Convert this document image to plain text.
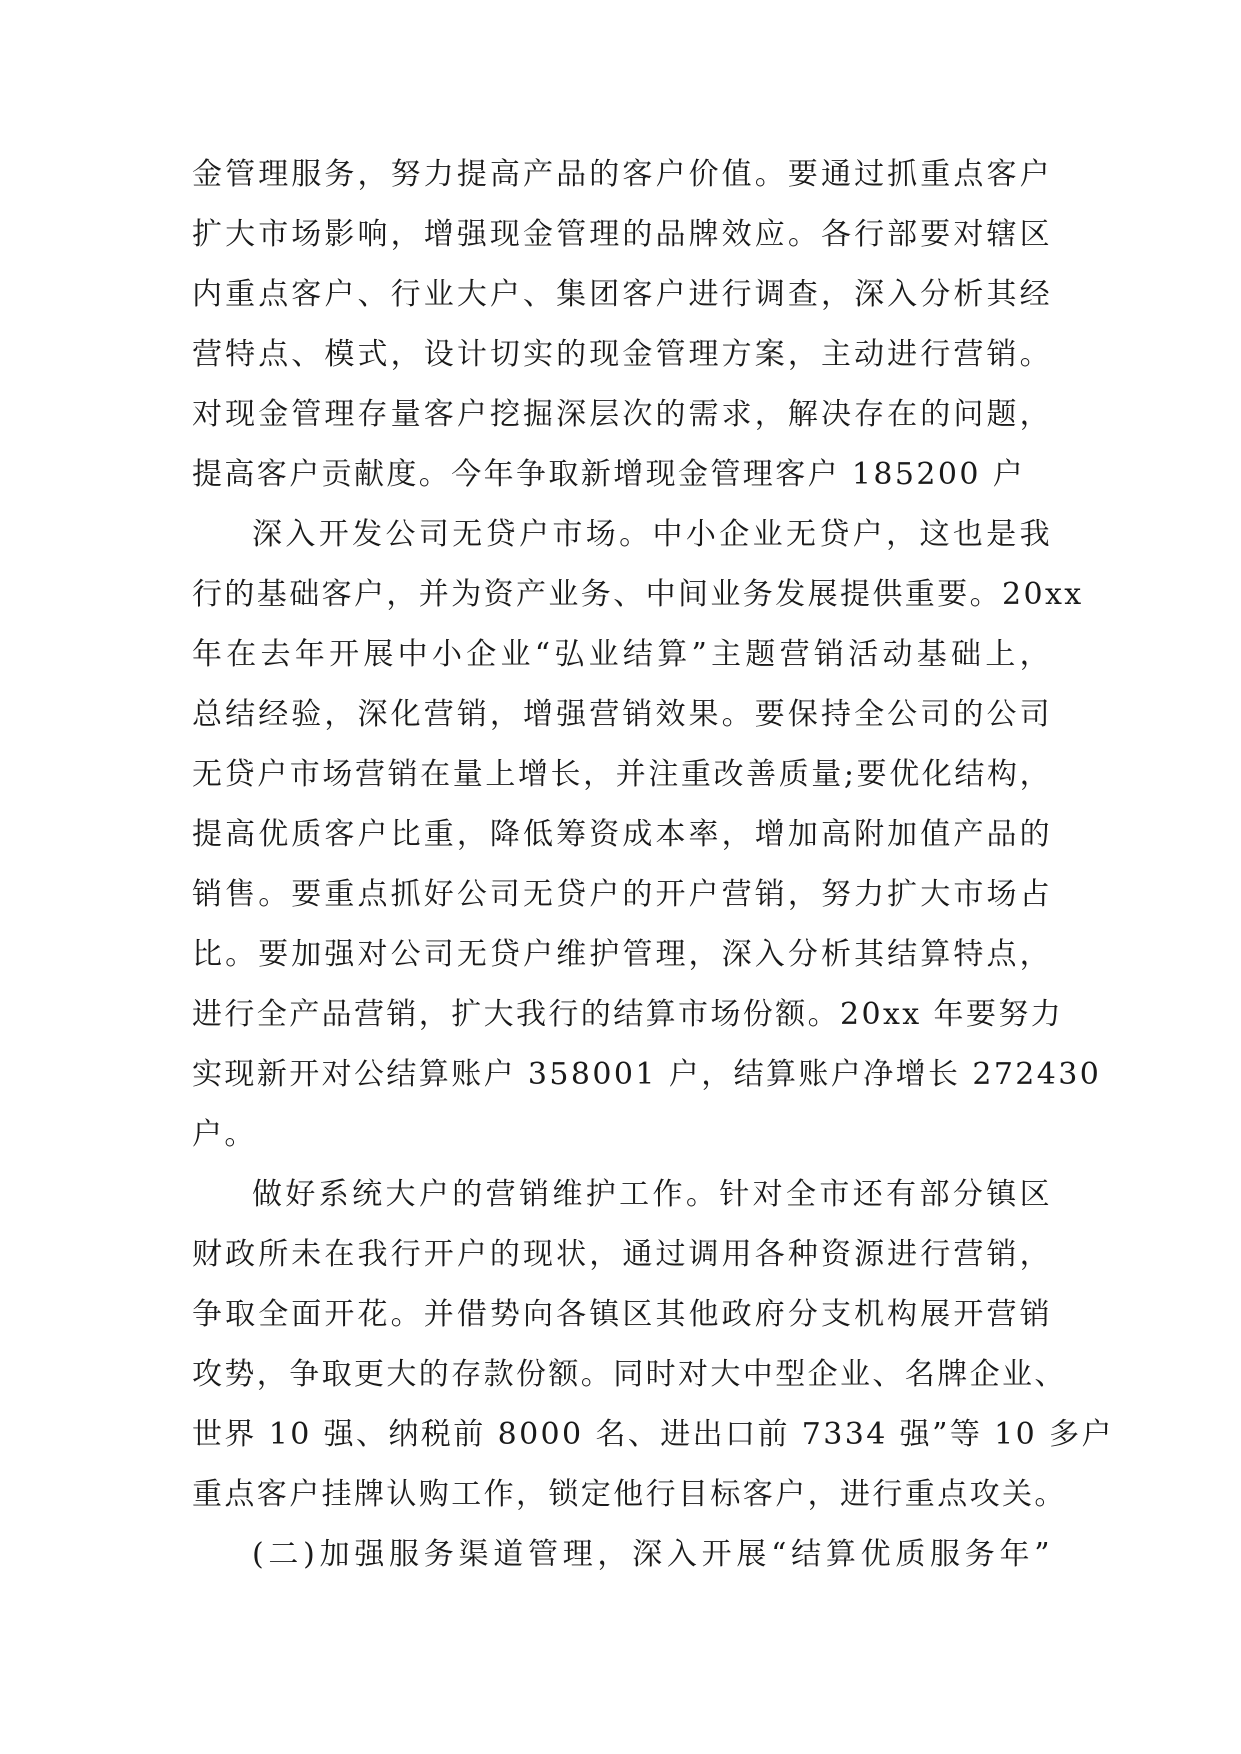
金管理服务，努力提高产品的客户价值。要通过抓重点客户
扩大市场影响，增强现金管理的品牌效应。各行部要对辖区
内重点客户、行业大户、集团客户进行调查，深入分析其经
营特点、模式，设计切实的现金管理方案，主动进行营销。
对现金管理存量客户挖掘深层次的需求，解决存在的问题，
提高客户贡献度。今年争取新增现金管理客户 185200 户
深入开发公司无贷户市场。中小企业无贷户，这也是我
行的基础客户，并为资产业务、中间业务发展提供重要。20xx
年在去年开展中小企业“弘业结算”主题营销活动基础上，
总结经验，深化营销，增强营销效果。要保持全公司的公司
无贷户市场营销在量上增长，并注重改善质量;要优化结构，
提高优质客户比重，降低筹资成本率，增加高附加值产品的
销售。要重点抓好公司无贷户的开户营销，努力扩大市场占
比。要加强对公司无贷户维护管理，深入分析其结算特点，
进行全产品营销，扩大我行的结算市场份额。20xx 年要努力
实现新开对公结算账户 358001 户，结算账户净增长 272430
户。
做好系统大户的营销维护工作。针对全市还有部分镇区
财政所未在我行开户的现状，通过调用各种资源进行营销，
争取全面开花。并借势向各镇区其他政府分支机构展开营销
攻势，争取更大的存款份额。同时对大中型企业、名牌企业、
世界 10 强、纳税前 8000 名、进出口前 7334 强”等 10 多户
重点客户挂牌认购工作，锁定他行目标客户，进行重点攻关。
(二)加强服务渠道管理，深入开展“结算优质服务年”
